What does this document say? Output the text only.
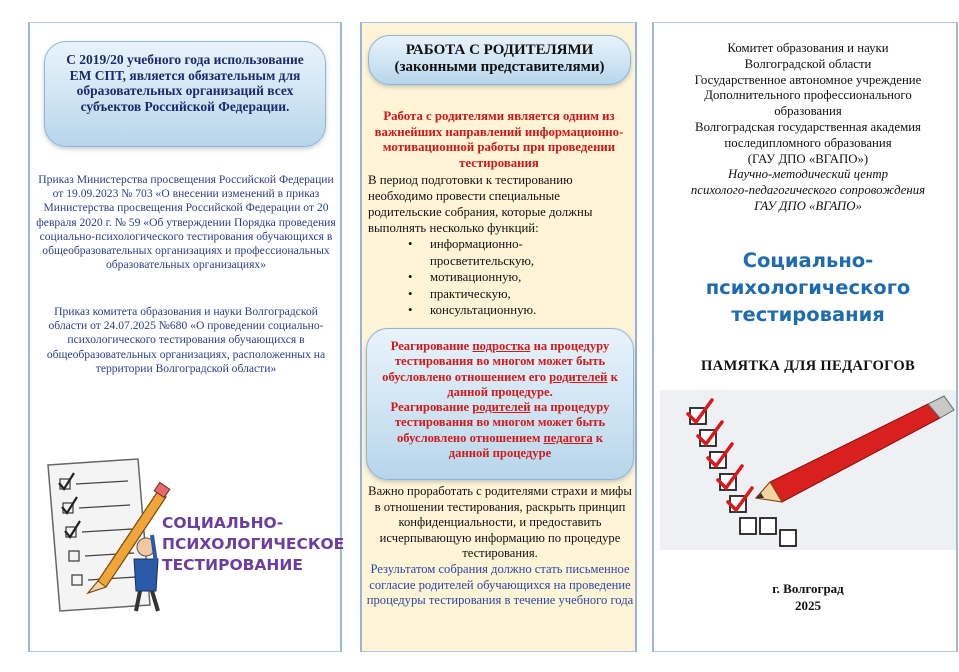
С 2019/20 учебного года использование ЕМ СПТ, является обязательным для образовательных организаций всех субъектов Российской Федерации.
Приказ Министерства просвещения Российской Федерации от 19.09.2023 № 703 «О внесении изменений в приказ Министерства просвещения Российской Федерации от 20 февраля 2020 г. № 59 «Об утверждении Порядка проведения социально-психологического тестирования обучающихся в общеобразовательных организациях и профессиональных образовательных организациях»
Приказ комитета образования и науки Волгоградской области от 24.07.2025 №680 «О проведении социально-психологического тестирования обучающихся в общеобразовательных организациях, расположенных на территории Волгоградской области»
СОЦИАЛЬНО-
ПСИХОЛОГИЧЕСКОЕ
ТЕСТИРОВАНИЕ
РАБОТА С РОДИТЕЛЯМИ
(законными представителями)
Работа с родителями является одним из важнейших направлений информационно- мотивационной работы при проведении тестирования
В период подготовки к тестированию необходимо провести специальные родительские собрания, которые должны выполнять несколько функций:
• информационно-просветительскую,
• мотивационную,
• практическую,
• консультационную.
Реагирование подростка на процедуру тестирования во многом может быть обусловлено отношением его родителей к данной процедуре.
Реагирование родителей на процедуру тестирования во многом может быть обусловлено отношением педагога к данной процедуре
Важно проработать с родителями страхи и мифы в отношении тестирования, раскрыть принцип конфиденциальности, и предоставить исчерпывающую информацию по процедуре тестирования.
Результатом собрания должно стать письменное согласие родителей обучающихся на проведение процедуры тестирования в течение учебного года
Комитет образования и науки
Волгоградской области
Государственное автономное учреждение
Дополнительного профессионального
образования
Волгоградская государственная академия
последипломного образования
(ГАУ ДПО «ВГАПО»)
Научно-методический центр
психолого-педагогического сопровождения
ГАУ ДПО «ВГАПО»
Социально-
психологического
тестирования
ПАМЯТКА ДЛЯ ПЕДАГОГОВ
г. Волгоград
2025
